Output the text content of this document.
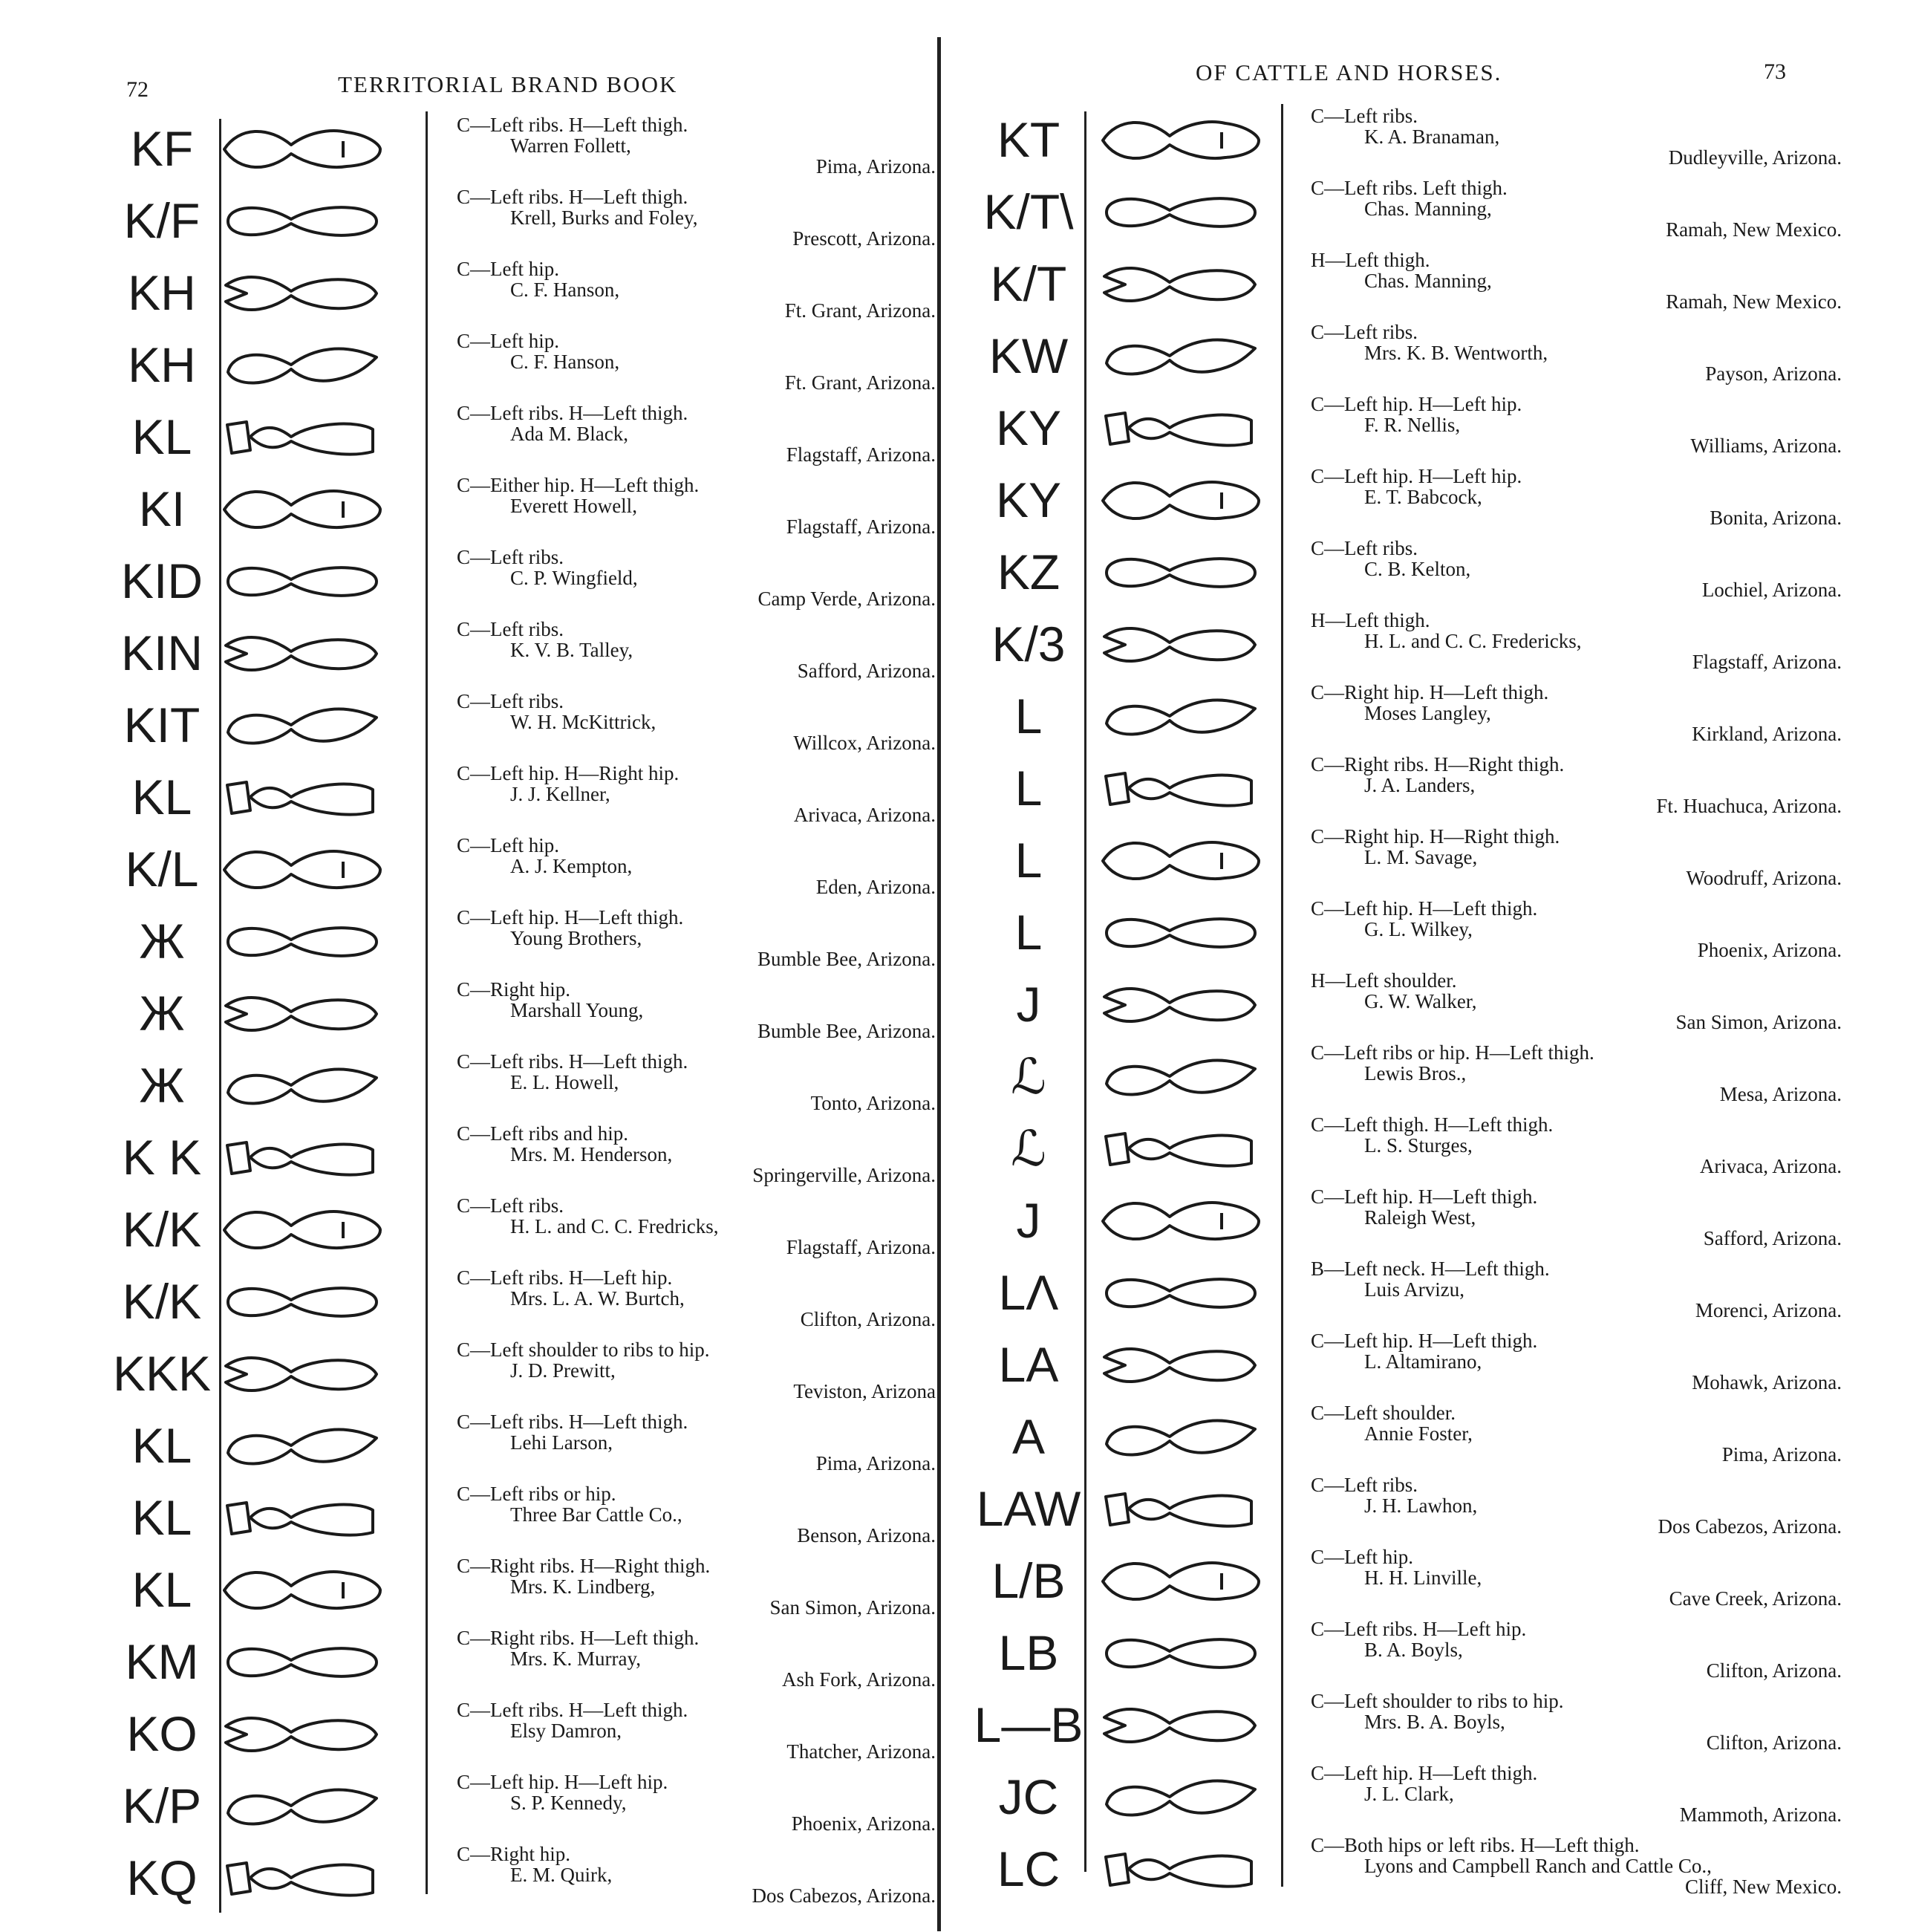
72	TERRITORIAL BRAND BOOK
KF	C—Left ribs. H—Left thigh.
Warren Follett,
Pima, Arizona.
K/F	C—Left ribs. H—Left thigh.
Krell, Burks and Foley,
Prescott, Arizona.
KH	C—Left hip.
C. F. Hanson,
Ft. Grant, Arizona.
KH	C—Left hip.
C. F. Hanson,
Ft. Grant, Arizona.
KL	C—Left ribs. H—Left thigh.
Ada M. Black,
Flagstaff, Arizona.
KI	C—Either hip. H—Left thigh.
Everett Howell,
Flagstaff, Arizona.
KID	C—Left ribs.
C. P. Wingfield,
Camp Verde, Arizona.
KIN	C—Left ribs.
K. V. B. Talley,
Safford, Arizona.
KIT	C—Left ribs.
W. H. McKittrick,
Willcox, Arizona.
KL	C—Left hip. H—Right hip.
J. J. Kellner,
Arivaca, Arizona.
K/L	C—Left hip.
A. J. Kempton,
Eden, Arizona.
Ж	C—Left hip. H—Left thigh.
Young Brothers,
Bumble Bee, Arizona.
Ж	C—Right hip.
Marshall Young,
Bumble Bee, Arizona.
Ж	C—Left ribs. H—Left thigh.
E. L. Howell,
Tonto, Arizona.
K K	C—Left ribs and hip.
Mrs. M. Henderson,
Springerville, Arizona.
K/K	C—Left ribs.
H. L. and C. C. Fredricks,
Flagstaff, Arizona.
K/K	C—Left ribs. H—Left hip.
Mrs. L. A. W. Burtch,
Clifton, Arizona.
KKK	C—Left shoulder to ribs to hip.
J. D. Prewitt,
Teviston, Arizona
KL	C—Left ribs. H—Left thigh.
Lehi Larson,
Pima, Arizona.
KL	C—Left ribs or hip.
Three Bar Cattle Co.,
Benson, Arizona.
KL	C—Right ribs. H—Right thigh.
Mrs. K. Lindberg,
San Simon, Arizona.
KM	C—Right ribs. H—Left thigh.
Mrs. K. Murray,
Ash Fork, Arizona.
KO	C—Left ribs. H—Left thigh.
Elsy Damron,
Thatcher, Arizona.
K/P	C—Left hip. H—Left hip.
S. P. Kennedy,
Phoenix, Arizona.
KQ	C—Right hip.
E. M. Quirk,
Dos Cabezos, Arizona.
OF CATTLE AND HORSES.	73
KT	C—Left ribs.
K. A. Branaman,
Dudleyville, Arizona.
K/T\	C—Left ribs. Left thigh.
Chas. Manning,
Ramah, New Mexico.
K/T	H—Left thigh.
Chas. Manning,
Ramah, New Mexico.
KW	C—Left ribs.
Mrs. K. B. Wentworth,
Payson, Arizona.
KY	C—Left hip. H—Left hip.
F. R. Nellis,
Williams, Arizona.
KY	C—Left hip. H—Left hip.
E. T. Babcock,
Bonita, Arizona.
KZ	C—Left ribs.
C. B. Kelton,
Lochiel, Arizona.
K/3	H—Left thigh.
H. L. and C. C. Fredericks,
Flagstaff, Arizona.
L	C—Right hip. H—Left thigh.
Moses Langley,
Kirkland, Arizona.
L	C—Right ribs. H—Right thigh.
J. A. Landers,
Ft. Huachuca, Arizona.
L	C—Right hip. H—Right thigh.
L. M. Savage,
Woodruff, Arizona.
L	C—Left hip. H—Left thigh.
G. L. Wilkey,
Phoenix, Arizona.
J	H—Left shoulder.
G. W. Walker,
San Simon, Arizona.
ℒ	C—Left ribs or hip. H—Left thigh.
Lewis Bros.,
Mesa, Arizona.
ℒ	C—Left thigh. H—Left thigh.
L. S. Sturges,
Arivaca, Arizona.
J	C—Left hip. H—Left thigh.
Raleigh West,
Safford, Arizona.
LΛ	B—Left neck. H—Left thigh.
Luis Arvizu,
Morenci, Arizona.
LA	C—Left hip. H—Left thigh.
L. Altamirano,
Mohawk, Arizona.
A	C—Left shoulder.
Annie Foster,
Pima, Arizona.
LAW	C—Left ribs.
J. H. Lawhon,
Dos Cabezos, Arizona.
L/B	C—Left hip.
H. H. Linville,
Cave Creek, Arizona.
LB	C—Left ribs. H—Left hip.
B. A. Boyls,
Clifton, Arizona.
L—B	C—Left shoulder to ribs to hip.
Mrs. B. A. Boyls,
Clifton, Arizona.
JC	C—Left hip. H—Left thigh.
J. L. Clark,
Mammoth, Arizona.
LC	C—Both hips or left ribs. H—Left thigh.
Lyons and Campbell Ranch and Cattle Co.,
Cliff, New Mexico.
